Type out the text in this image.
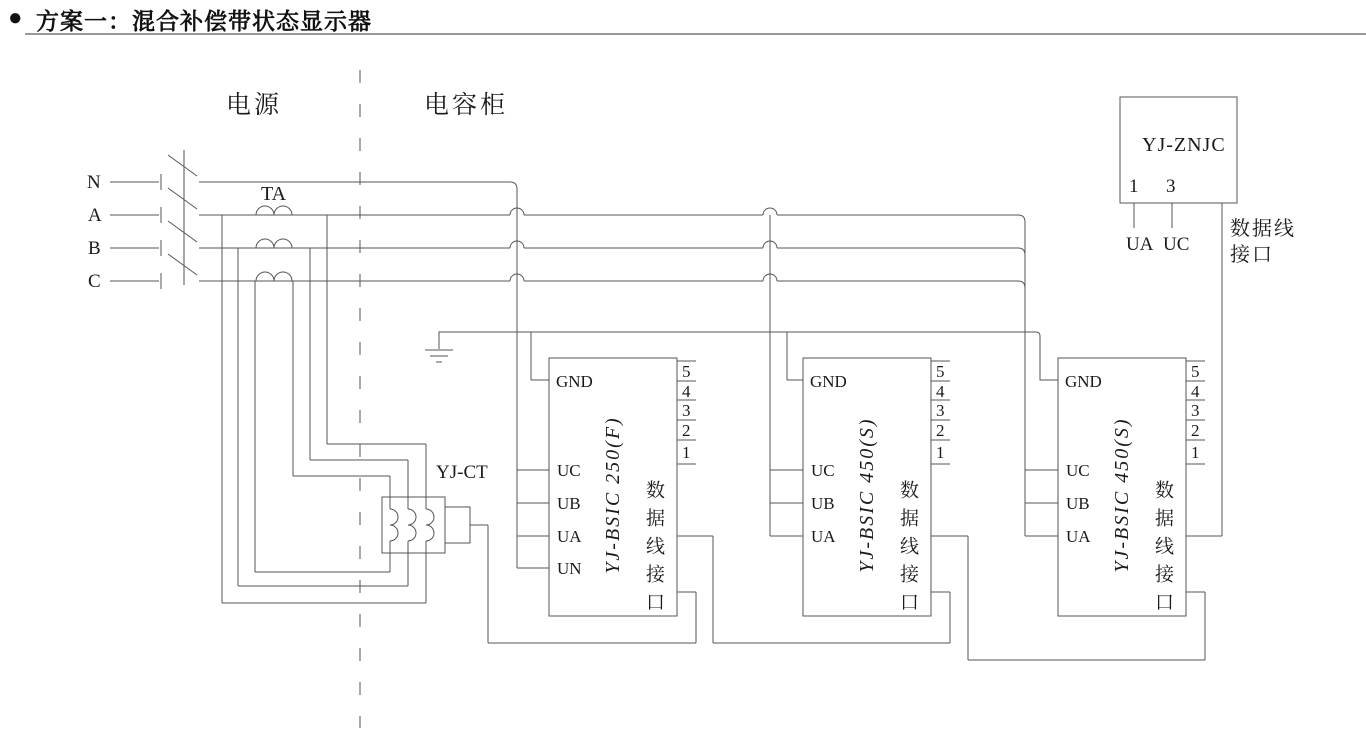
● 方案一：混合补偿带状态显示器
电源	电容柜
N
A
B
C
TA
YJ-CT
GND
UC
UB
UA
UN YJ-BSIC 250(F) 数据线接口
5
4
3
2
1
GND
UC
UB
UA YJ-BSIC 450(S) 数据线接口
5
4
3
2
1
GND
UC
UB
UA YJ-BSIC 450(S) 数据线接口
5
4
3
2
1
YJ-ZNJC
1 3
UA UC
数据线
接口
